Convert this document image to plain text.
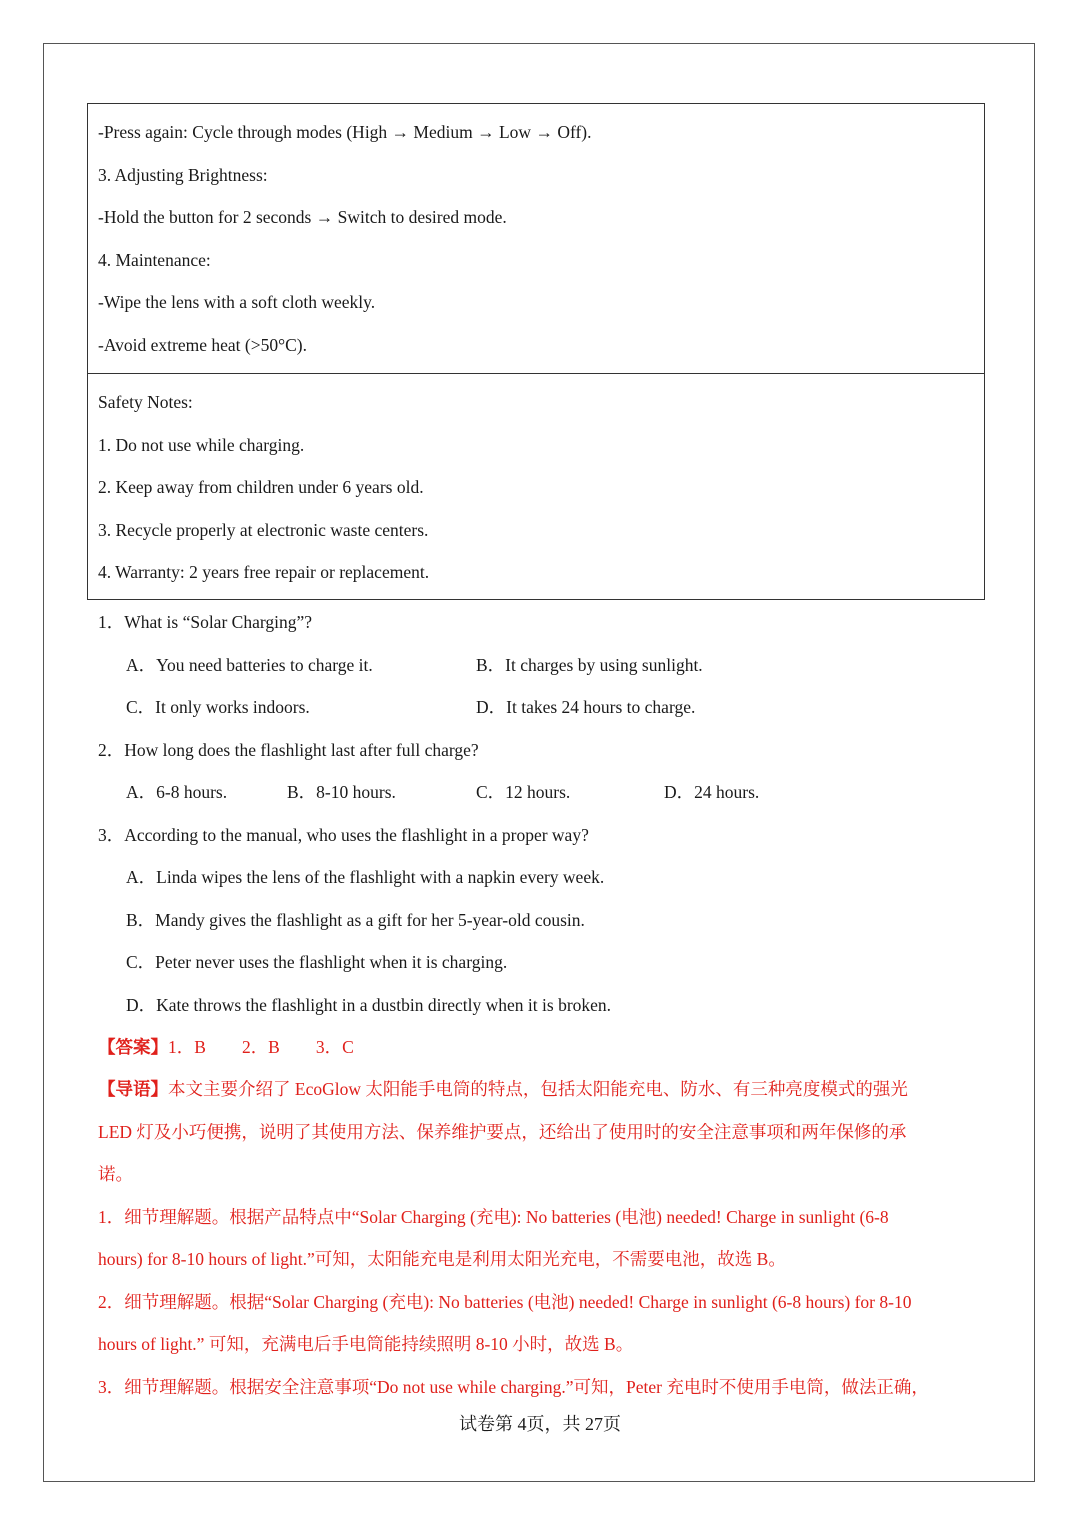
-Press again: Cycle through modes (High → Medium → Low → Off).
3. Adjusting Brightness:
-Hold the button for 2 seconds → Switch to desired mode.
4. Maintenance:
-Wipe the lens with a soft cloth weekly.
-Avoid extreme heat (>50°C).
Safety Notes:
1. Do not use while charging.
2. Keep away from children under 6 years old.
3. Recycle properly at electronic waste centers.
4. Warranty: 2 years free repair or replacement.
1．What is “Solar Charging”?
A．You need batteries to charge it.	B．It charges by using sunlight.
C．It only works indoors.	D．It takes 24 hours to charge.
2．How long does the flashlight last after full charge?
A．6-8 hours.	B．8-10 hours.	C．12 hours.	D．24 hours.
3．According to the manual, who uses the flashlight in a proper way?
A．Linda wipes the lens of the flashlight with a napkin every week.
B．Mandy gives the flashlight as a gift for her 5-year-old cousin.
C．Peter never uses the flashlight when it is charging.
D．Kate throws the flashlight in a dustbin directly when it is broken.
【答案】1．B 2．B 3．C
【导语】本文主要介绍了 EcoGlow 太阳能手电筒的特点，包括太阳能充电、防水、有三种亮度模式的强光
LED 灯及小巧便携，说明了其使用方法、保养维护要点，还给出了使用时的安全注意事项和两年保修的承
诺。
1．细节理解题。根据产品特点中“Solar Charging (充电): No batteries (电池) needed! Charge in sunlight (6-8
hours) for 8-10 hours of light.”可知，太阳能充电是利用太阳光充电，不需要电池，故选 B。
2．细节理解题。根据“Solar Charging (充电): No batteries (电池) needed! Charge in sunlight (6-8 hours) for 8-10
hours of light.” 可知，充满电后手电筒能持续照明 8-10 小时，故选 B。
3．细节理解题。根据安全注意事项“Do not use while charging.”可知，Peter 充电时不使用手电筒，做法正确，
试卷第 4页，共 27页
